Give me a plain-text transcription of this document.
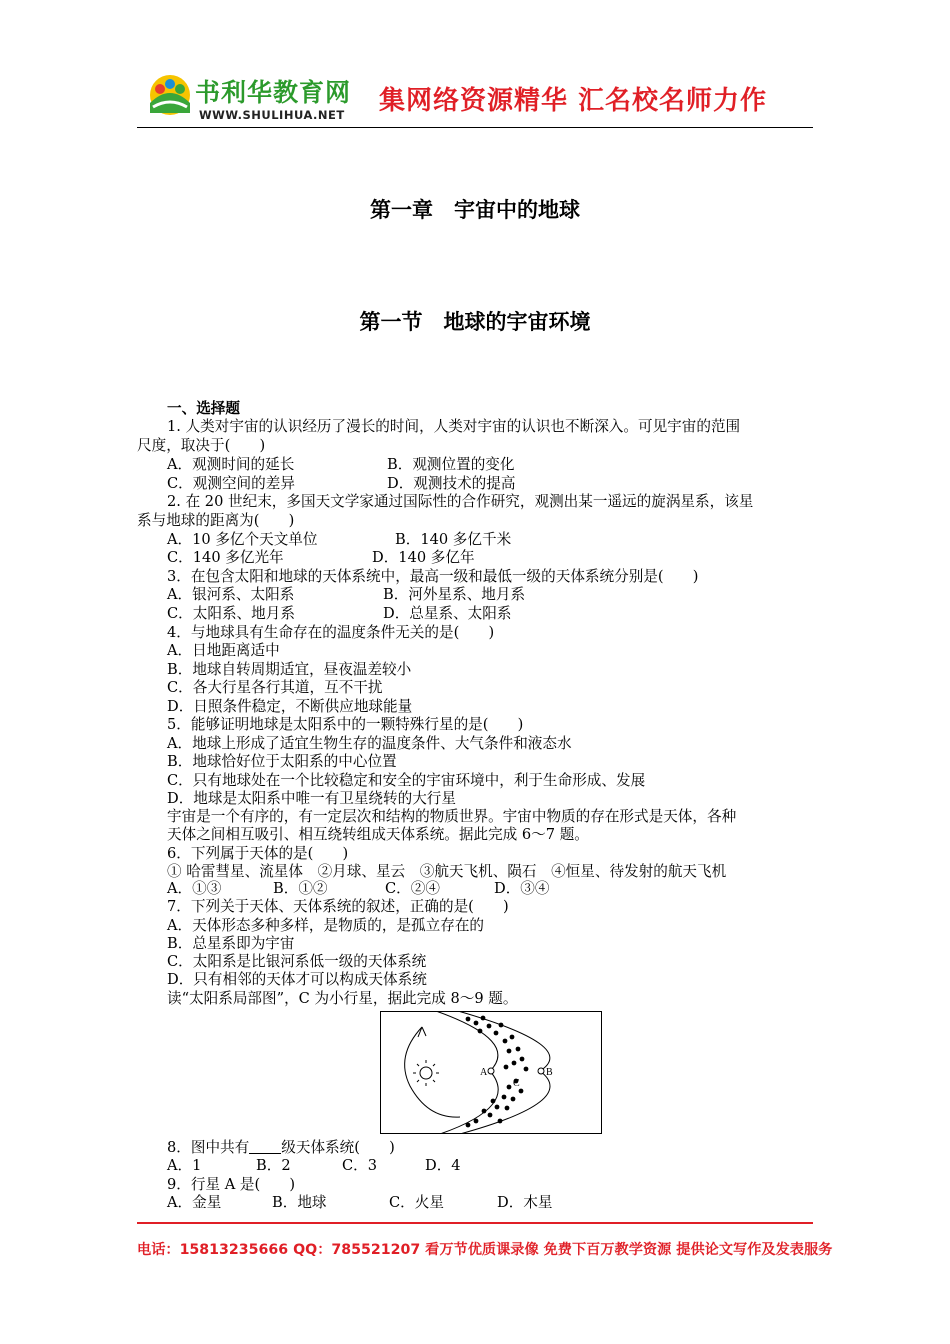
书利华教育网
WWW.SHULIHUA.NET 集网络资源精华 汇名校名师力作
第一章　宇宙中的地球
第一节　地球的宇宙环境
一、选择题
1. 人类对宇宙的认识经历了漫长的时间，人类对宇宙的认识也不断深入。可见宇宙的范围
尺度，取决于(　　)
A．观测时间的延长	B．观测位置的变化
C．观测空间的差异	D．观测技术的提高
2. 在 20 世纪末，多国天文学家通过国际性的合作研究，观测出某一遥远的旋涡星系，该星
系与地球的距离为(　　)
A．10 多亿个天文单位	B．140 多亿千米
C．140 多亿光年	D．140 多亿年
3．在包含太阳和地球的天体系统中，最高一级和最低一级的天体系统分别是(　　)
A．银河系、太阳系	B．河外星系、地月系
C．太阳系、地月系	D．总星系、太阳系
4．与地球具有生命存在的温度条件无关的是(　　)
A．日地距离适中
B．地球自转周期适宜，昼夜温差较小
C．各大行星各行其道，互不干扰
D．日照条件稳定，不断供应地球能量
5．能够证明地球是太阳系中的一颗特殊行星的是(　　)
A．地球上形成了适宜生物生存的温度条件、大气条件和液态水
B．地球恰好位于太阳系的中心位置
C．只有地球处在一个比较稳定和安全的宇宙环境中，利于生命形成、发展
D．地球是太阳系中唯一有卫星绕转的大行星
宇宙是一个有序的，有一定层次和结构的物质世界。宇宙中物质的存在形式是天体，各种
天体之间相互吸引、相互绕转组成天体系统。据此完成 6～7 题。
6．下列属于天体的是(　　)
① 哈雷彗星、流星体　②月球、星云　③航天飞机、陨石　④恒星、待发射的航天飞机
A．①③	B．①②	C．②④	D．③④
7．下列关于天体、天体系统的叙述，正确的是(　　)
A．天体形态多种多样，是物质的，是孤立存在的
B．总星系即为宇宙
C．太阳系是比银河系低一级的天体系统
D．只有相邻的天体才可以构成天体系统
读“太阳系局部图”，C 为小行星，据此完成 8～9 题。
A	B
C
8．图中共有 级天体系统(　　)
A．1	B．2	C．3	D．4
9．行星 A 是(　　)
A．金星	B．地球	C．火星	D．木星
电话：15813235666 QQ：785521207 看万节优质课录像 免费下百万教学资源 提供论文写作及发表服务
